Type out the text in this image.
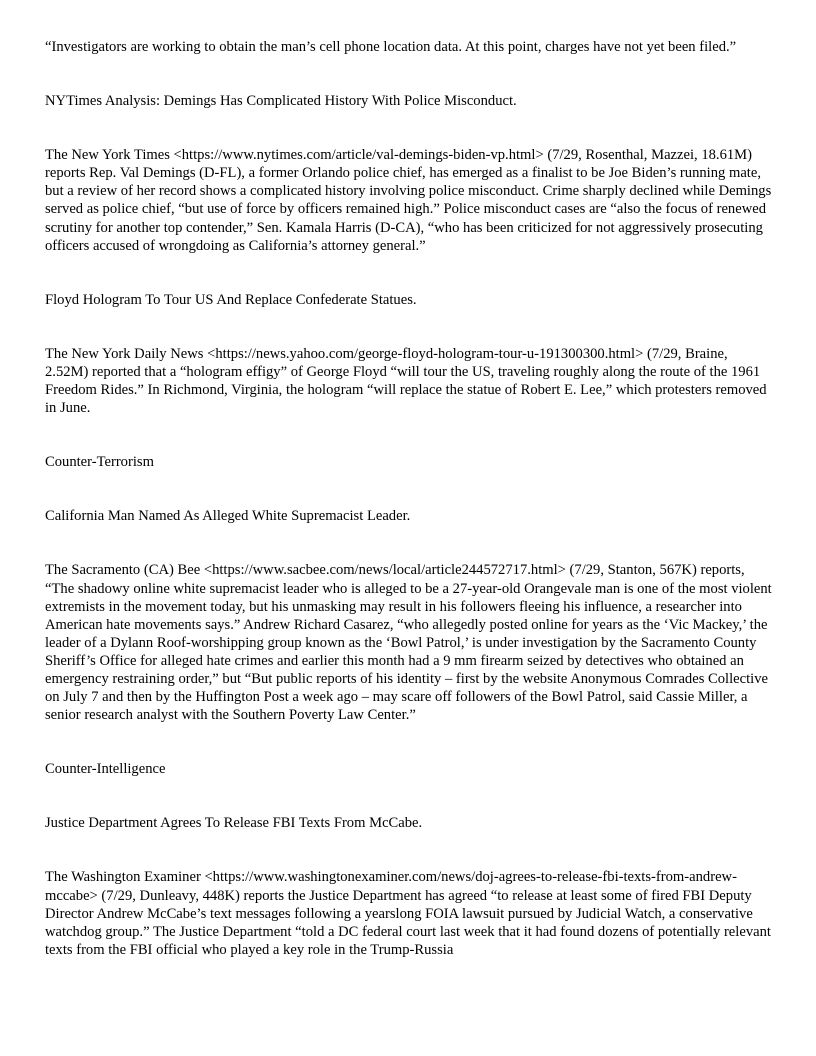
“Investigators are working to obtain the man’s cell phone location data. At this point, charges have not yet been filed.”

NYTimes Analysis: Demings Has Complicated History With Police Misconduct.

The New York Times <https://www.nytimes.com/article/val-demings-biden-vp.html> (7/29, Rosenthal, Mazzei, 18.61M) reports Rep. Val Demings (D-FL), a former Orlando police chief, has emerged as a finalist to be Joe Biden’s running mate, but a review of her record shows a complicated history involving police misconduct. Crime sharply declined while Demings served as police chief, “but use of force by officers remained high.” Police misconduct cases are “also the focus of renewed scrutiny for another top contender,” Sen. Kamala Harris (D-CA), “who has been criticized for not aggressively prosecuting officers accused of wrongdoing as California’s attorney general.”

Floyd Hologram To Tour US And Replace Confederate Statues.

The New York Daily News <https://news.yahoo.com/george-floyd-hologram-tour-u-191300300.html> (7/29, Braine, 2.52M) reported that a “hologram effigy” of George Floyd “will tour the US, traveling roughly along the route of the 1961 Freedom Rides.” In Richmond, Virginia, the hologram “will replace the statue of Robert E. Lee,” which protesters removed in June.

Counter-Terrorism

California Man Named As Alleged White Supremacist Leader.

The Sacramento (CA) Bee <https://www.sacbee.com/news/local/article244572717.html> (7/29, Stanton, 567K) reports, “The shadowy online white supremacist leader who is alleged to be a 27-year-old Orangevale man is one of the most violent extremists in the movement today, but his unmasking may result in his followers fleeing his influence, a researcher into American hate movements says.” Andrew Richard Casarez, “who allegedly posted online for years as the ‘Vic Mackey,’ the leader of a Dylann Roof-worshipping group known as the ‘Bowl Patrol,’ is under investigation by the Sacramento County Sheriff’s Office for alleged hate crimes and earlier this month had a 9 mm firearm seized by detectives who obtained an emergency restraining order,” but “But public reports of his identity – first by the website Anonymous Comrades Collective on July 7 and then by the Huffington Post a week ago – may scare off followers of the Bowl Patrol, said Cassie Miller, a senior research analyst with the Southern Poverty Law Center.”

Counter-Intelligence

Justice Department Agrees To Release FBI Texts From McCabe.

The Washington Examiner <https://www.washingtonexaminer.com/news/doj-agrees-to-release-fbi-texts-from-andrew-mccabe> (7/29, Dunleavy, 448K) reports the Justice Department has agreed “to release at least some of fired FBI Deputy Director Andrew McCabe’s text messages following a yearslong FOIA lawsuit pursued by Judicial Watch, a conservative watchdog group.” The Justice Department “told a DC federal court last week that it had found dozens of potentially relevant texts from the FBI official who played a key role in the Trump-Russia
